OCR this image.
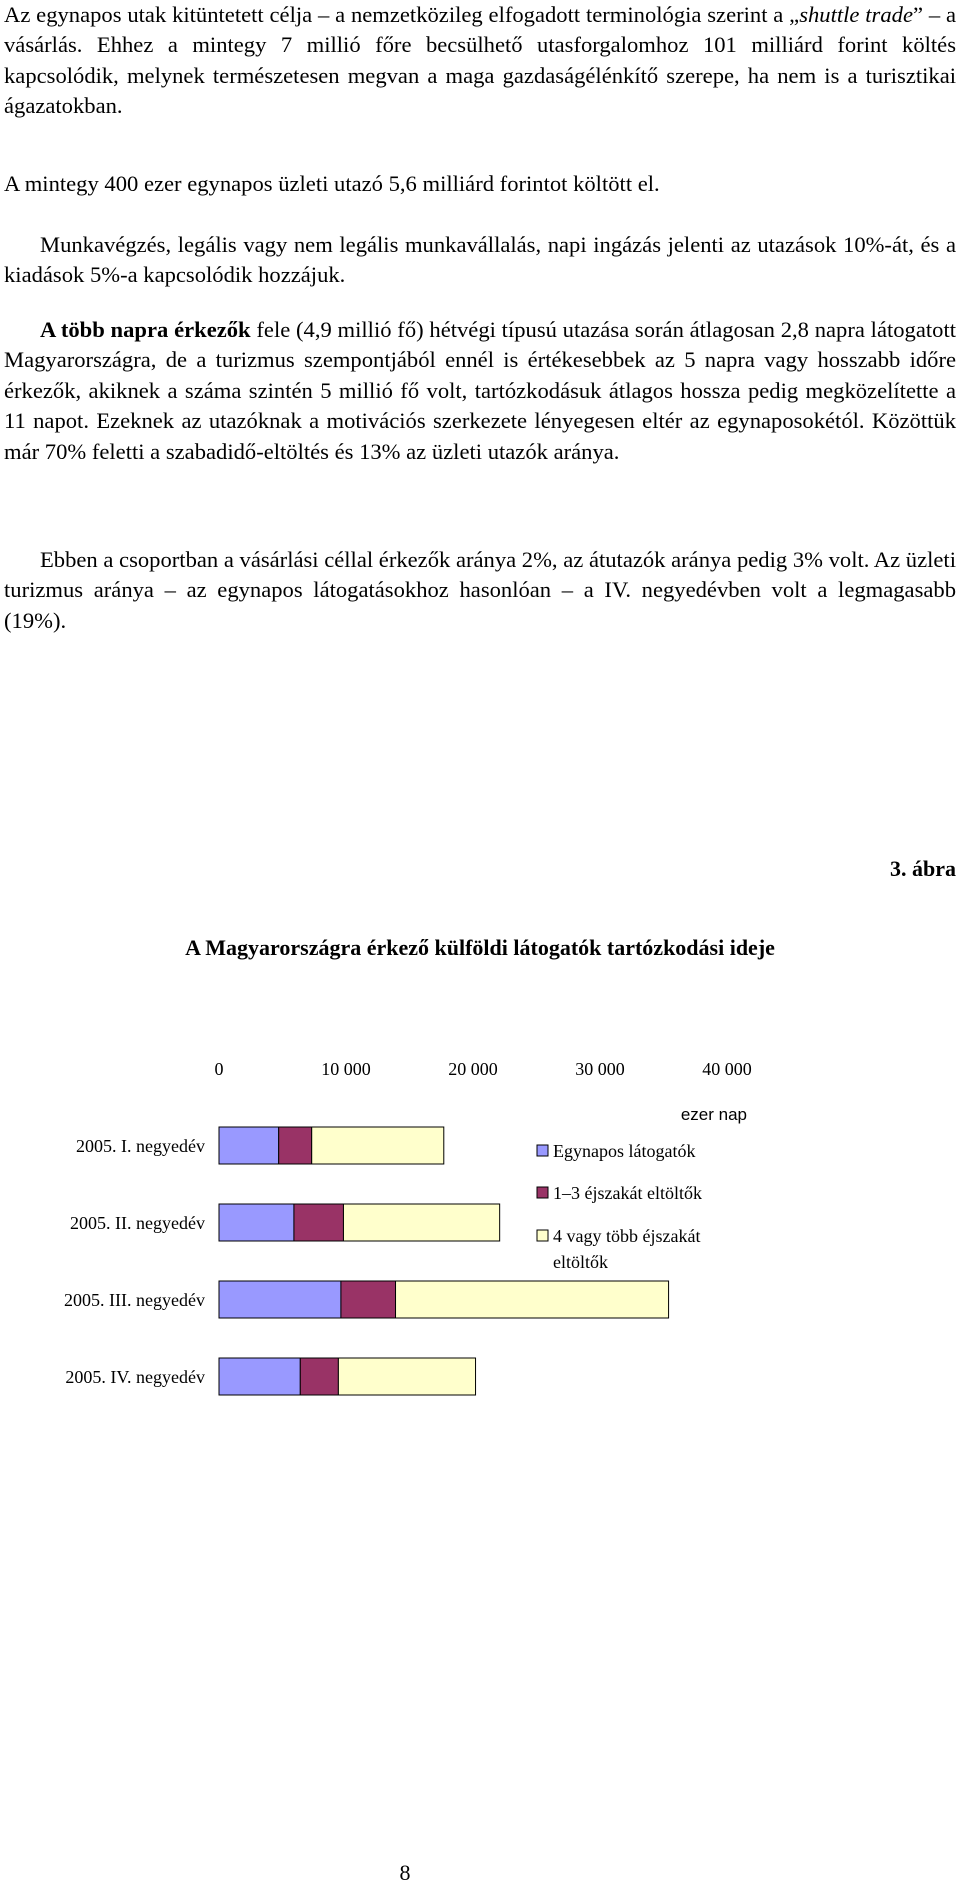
Az egynapos utak kitüntetett célja – a nemzetközileg elfogadott terminológia szerint a „shuttle trade” – a vásárlás. Ehhez a mintegy 7 millió főre becsülhető utasforgalomhoz 101 milliárd forint költés kapcsolódik, melynek természetesen megvan a maga gazdaságélénkítő szerepe, ha nem is a turisztikai ágazatokban.

A mintegy 400 ezer egynapos üzleti utazó 5,6 milliárd forintot költött el.

Munkavégzés, legális vagy nem legális munkavállalás, napi ingázás jelenti az utazások 10%-át, és a kiadások 5%-a kapcsolódik hozzájuk.

A több napra érkezők fele (4,9 millió fő) hétvégi típusú utazása során átlagosan 2,8 napra látogatott Magyarországra, de a turizmus szempontjából ennél is értékesebbek az 5 napra vagy hosszabb időre érkezők, akiknek a száma szintén 5 millió fő volt, tartózkodásuk átlagos hossza pedig megközelítette a 11 napot. Ezeknek az utazóknak a motivációs szerkezete lényegesen eltér az egynaposokétól. Közöttük már 70% feletti a szabadidő-eltöltés és 13% az üzleti utazók aránya.

Ebben a csoportban a vásárlási céllal érkezők aránya 2%, az átutazók aránya pedig 3% volt. Az üzleti turizmus aránya – az egynapos látogatásokhoz hasonlóan – a IV. negyedévben volt a legmagasabb (19%).

3. ábra
A Magyarországra érkező külföldi látogatók tartózkodási ideje
0	10 000	20 000	30 000	40 000
ezer nap
2005. I. negyedév
2005. II. negyedév
2005. III. negyedév
2005. IV. negyedév
Egynapos látogatók
1–3 éjszakát eltöltők
4 vagy több éjszakát eltöltők
8
